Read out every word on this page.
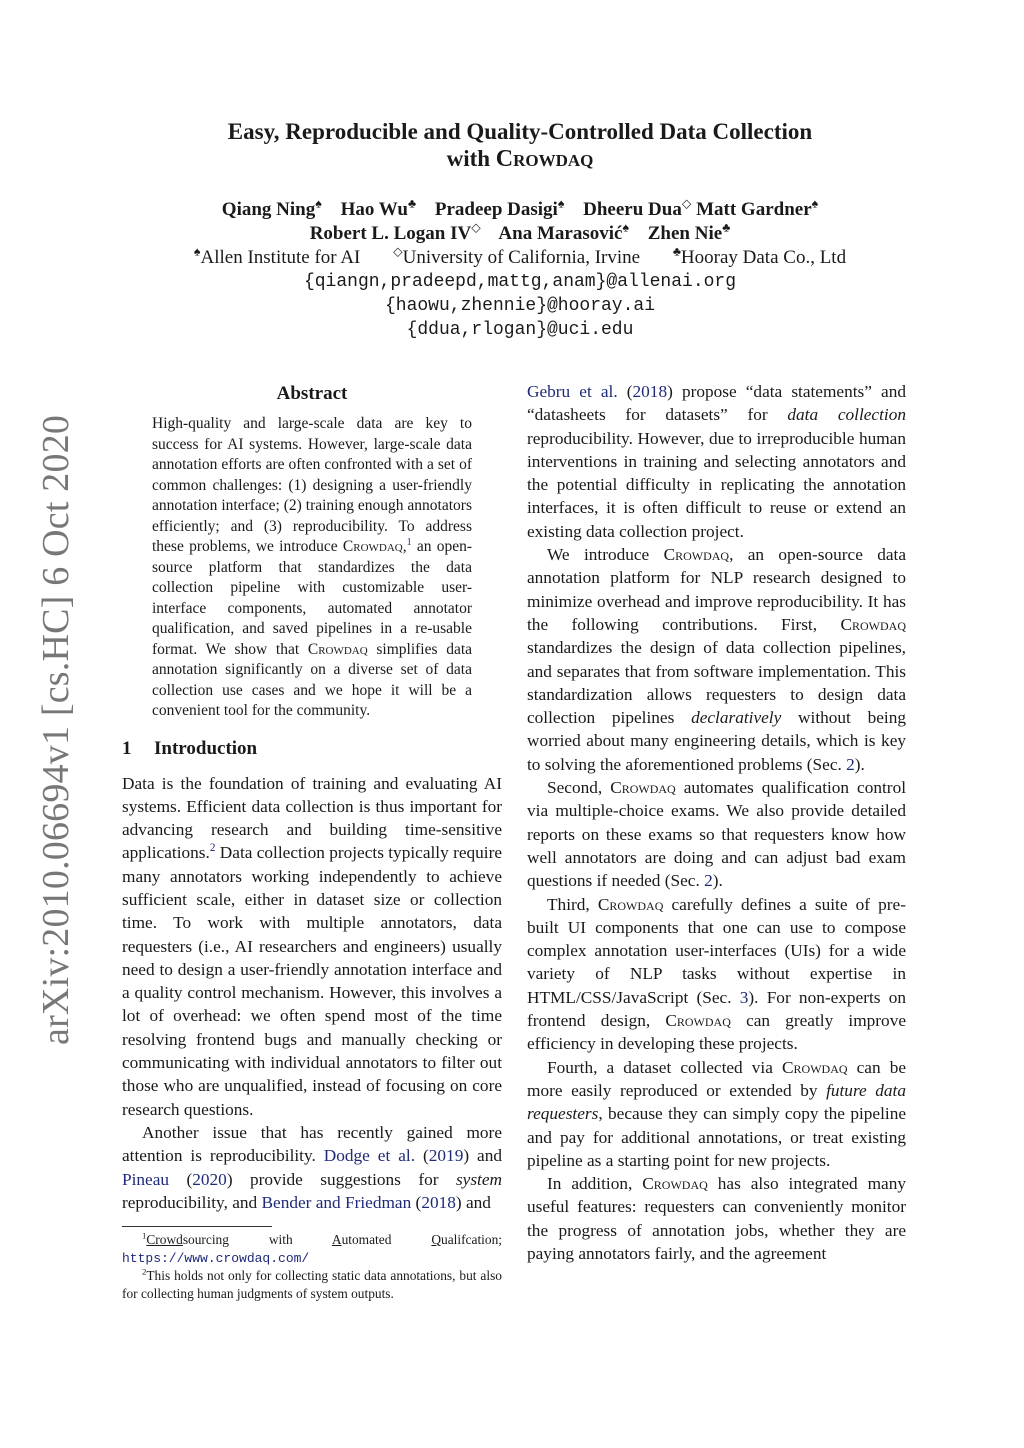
arXiv:2010.06694v1 [cs.HC] 6 Oct 2020
Easy, Reproducible and Quality-Controlled Data Collection
with Crowdaq
Qiang Ning♠ Hao Wu♣ Pradeep Dasigi♠ Dheeru Dua◇ Matt Gardner♠
Robert L. Logan IV◇ Ana Marasović♠ Zhen Nie♣
♠Allen Institute for AI	◇University of California, Irvine	♣Hooray Data Co., Ltd
{qiangn,pradeepd,mattg,anam}@allenai.org
{haowu,zhennie}@hooray.ai
{ddua,rlogan}@uci.edu
Abstract

High-quality and large-scale data are key to success for AI systems. However, large-scale data annotation efforts are often confronted with a set of common challenges: (1) designing a user-friendly annotation interface; (2) training enough annotators efficiently; and (3) reproducibility. To address these problems, we introduce Crowdaq,$^1$ an open-source platform that standardizes the data collection pipeline with customizable user-interface components, automated annotator qualification, and saved pipelines in a re-usable format. We show that Crowdaq simplifies data annotation significantly on a diverse set of data collection use cases and we hope it will be a convenient tool for the community.

1 Introduction

Data is the foundation of training and evaluating AI systems. Efficient data collection is thus important for advancing research and building time-sensitive applications.$^2$ Data collection projects typically require many annotators working independently to achieve sufficient scale, either in dataset size or collection time. To work with multiple annotators, data requesters (i.e., AI researchers and engineers) usually need to design a user-friendly annotation interface and a quality control mechanism. However, this involves a lot of overhead: we often spend most of the time resolving frontend bugs and manually checking or communicating with individual annotators to filter out those who are unqualified, instead of focusing on core research questions.

Another issue that has recently gained more attention is reproducibility. Dodge et al. (2019) and Pineau (2020) provide suggestions for system reproducibility, and Bender and Friedman (2018) and

$^1$Crowdsourcing with Automated Qualifcation; https://www.crowdaq.com/

$^2$This holds not only for collecting static data annotations, but also for collecting human judgments of system outputs.

Gebru et al. (2018) propose “data statements” and “datasheets for datasets” for data collection reproducibility. However, due to irreproducible human interventions in training and selecting annotators and the potential difficulty in replicating the annotation interfaces, it is often difficult to reuse or extend an existing data collection project.

We introduce Crowdaq, an open-source data annotation platform for NLP research designed to minimize overhead and improve reproducibility. It has the following contributions. First, Crowdaq standardizes the design of data collection pipelines, and separates that from software implementation. This standardization allows requesters to design data collection pipelines declaratively without being worried about many engineering details, which is key to solving the aforementioned problems (Sec. 2).

Second, Crowdaq automates qualification control via multiple-choice exams. We also provide detailed reports on these exams so that requesters know how well annotators are doing and can adjust bad exam questions if needed (Sec. 2).

Third, Crowdaq carefully defines a suite of pre-built UI components that one can use to compose complex annotation user-interfaces (UIs) for a wide variety of NLP tasks without expertise in HTML/CSS/JavaScript (Sec. 3). For non-experts on frontend design, Crowdaq can greatly improve efficiency in developing these projects.

Fourth, a dataset collected via Crowdaq can be more easily reproduced or extended by future data requesters, because they can simply copy the pipeline and pay for additional annotations, or treat existing pipeline as a starting point for new projects.

In addition, Crowdaq has also integrated many useful features: requesters can conveniently monitor the progress of annotation jobs, whether they are paying annotators fairly, and the agreement
